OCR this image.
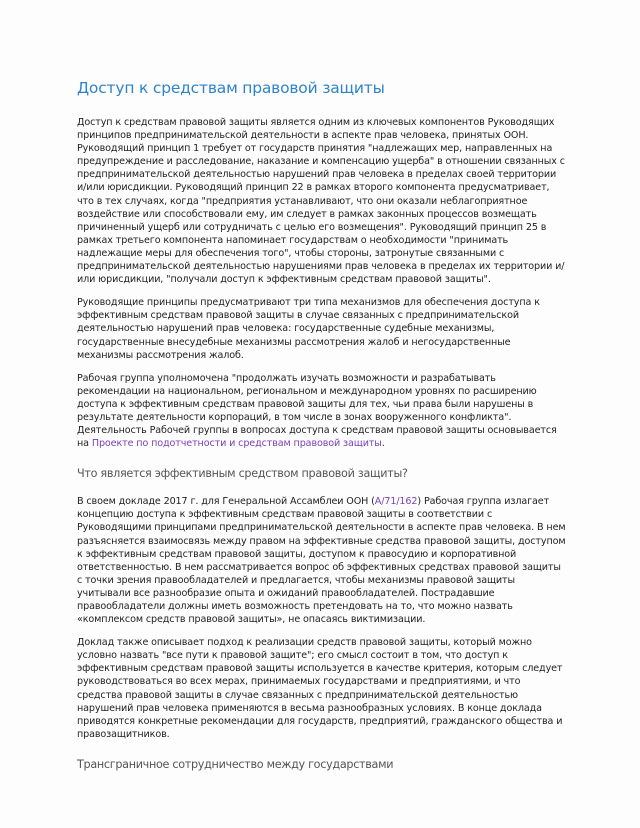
Доступ к средствам правовой защиты

Доступ к средствам правовой защиты является одним из ключевых компонентов Руководящих принципов предпринимательской деятельности в аспекте прав человека, принятых ООН. Руководящий принцип 1 требует от государств принятия "надлежащих мер, направленных на предупреждение и расследование, наказание и компенсацию ущерба" в отношении связанных с предпринимательской деятельностью нарушений прав человека в пределах своей территории и/или юрисдикции. Руководящий принцип 22 в рамках второго компонента предусматривает, что в тех случаях, когда "предприятия устанавливают, что они оказали неблагоприятное воздействие или способствовали ему, им следует в рамках законных процессов возмещать причиненный ущерб или сотрудничать с целью его возмещения". Руководящий принцип 25 в рамках третьего компонента напоминает государствам о необходимости "принимать надлежащие меры для обеспечения того", чтобы стороны, затронутые связанными с предпринимательской деятельностью нарушениями прав человека в пределах их территории и/или юрисдикции, "получали доступ к эффективным средствам правовой защиты".

Руководящие принципы предусматривают три типа механизмов для обеспечения доступа к эффективным средствам правовой защиты в случае связанных с предпринимательской деятельностью нарушений прав человека: государственные судебные механизмы, государственные внесудебные механизмы рассмотрения жалоб и негосударственные механизмы рассмотрения жалоб.

Рабочая группа уполномочена "продолжать изучать возможности и разрабатывать рекомендации на национальном, региональном и международном уровнях по расширению доступа к эффективным средствам правовой защиты для тех, чьи права были нарушены в результате деятельности корпораций, в том числе в зонах вооруженного конфликта". Деятельность Рабочей группы в вопросах доступа к средствам правовой защиты основывается на Проекте по подотчетности и средствам правовой защиты.

Что является эффективным средством правовой защиты?

В своем докладе 2017 г. для Генеральной Ассамблеи ООН (A/71/162) Рабочая группа излагает концепцию доступа к эффективным средствам правовой защиты в соответствии с Руководящими принципами предпринимательской деятельности в аспекте прав человека. В нем разъясняется взаимосвязь между правом на эффективные средства правовой защиты, доступом к эффективным средствам правовой защиты, доступом к правосудию и корпоративной ответственностью. В нем рассматривается вопрос об эффективных средствах правовой защиты с точки зрения правообладателей и предлагается, чтобы механизмы правовой защиты учитывали все разнообразие опыта и ожиданий правообладателей. Пострадавшие правообладатели должны иметь возможность претендовать на то, что можно назвать «комплексом средств правовой защиты», не опасаясь виктимизации.

Доклад также описывает подход к реализации средств правовой защиты, который можно условно назвать "все пути к правовой защите"; его смысл состоит в том, что доступ к эффективным средствам правовой защиты используется в качестве критерия, которым следует руководствоваться во всех мерах, принимаемых государствами и предприятиями, и что средства правовой защиты в случае связанных с предпринимательской деятельностью нарушений прав человека применяются в весьма разнообразных условиях. В конце доклада приводятся конкретные рекомендации для государств, предприятий, гражданского общества и правозащитников.

Трансграничное сотрудничество между государствами
